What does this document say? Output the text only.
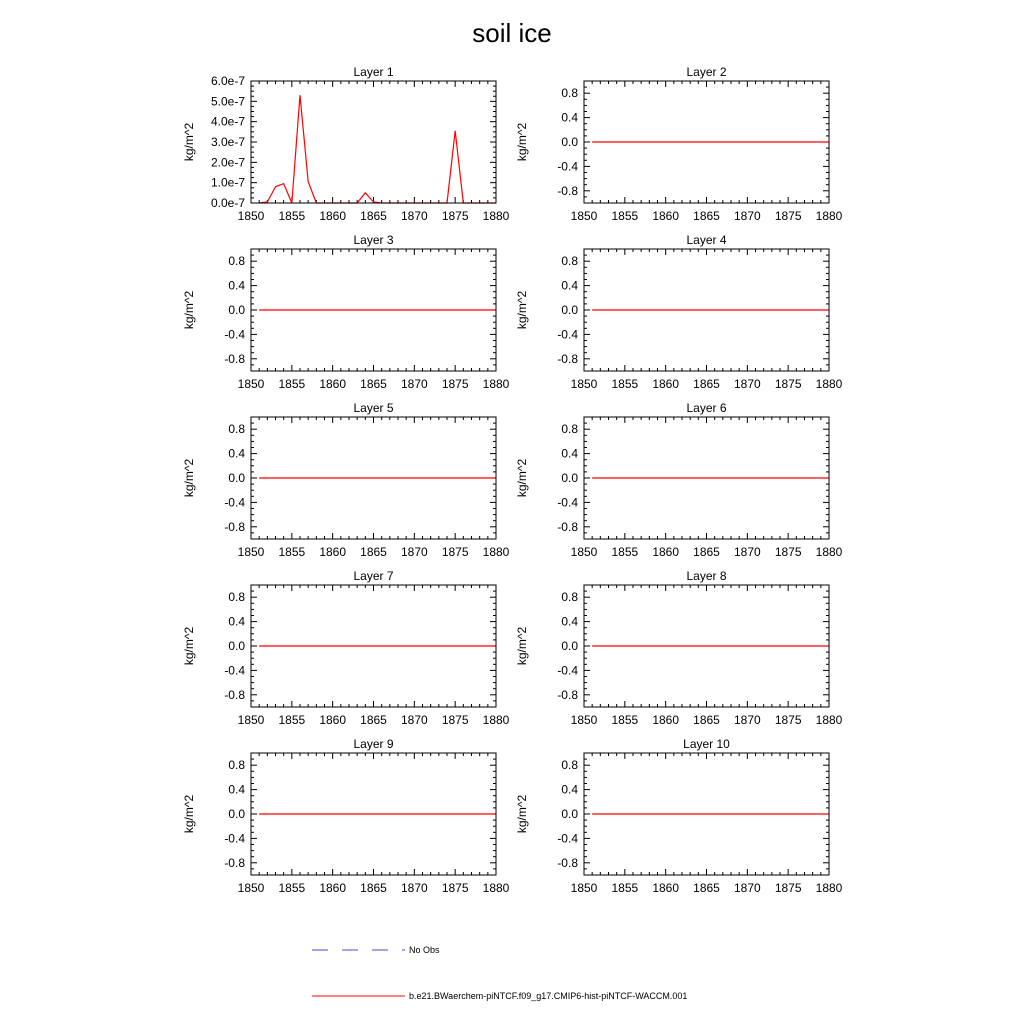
soil ice
Layer 1
kg/m^2
1850 1855 1860 1865 1870 1875 1880
0.0e-7
1.0e-7
2.0e-7
3.0e-7
4.0e-7
5.0e-7
6.0e-7
Layer 2
kg/m^2
1850 1855 1860 1865 1870 1875 1880
-0.8
-0.4
0.0
0.4
0.8
Layer 3
kg/m^2
1850 1855 1860 1865 1870 1875 1880
-0.8
-0.4
0.0
0.4
0.8
Layer 4
kg/m^2
1850 1855 1860 1865 1870 1875 1880
-0.8
-0.4
0.0
0.4
0.8
Layer 5
kg/m^2
1850 1855 1860 1865 1870 1875 1880
-0.8
-0.4
0.0
0.4
0.8
Layer 6
kg/m^2
1850 1855 1860 1865 1870 1875 1880
-0.8
-0.4
0.0
0.4
0.8
Layer 7
kg/m^2
1850 1855 1860 1865 1870 1875 1880
-0.8
-0.4
0.0
0.4
0.8
Layer 8
kg/m^2
1850 1855 1860 1865 1870 1875 1880
-0.8
-0.4
0.0
0.4
0.8
Layer 9
kg/m^2
1850 1855 1860 1865 1870 1875 1880
-0.8
-0.4
0.0
0.4
0.8
Layer 10
kg/m^2
1850 1855 1860 1865 1870 1875 1880
-0.8
-0.4
0.0
0.4
0.8
No Obs
b.e21.BWaerchem-piNTCF.f09_g17.CMIP6-hist-piNTCF-WACCM.001
